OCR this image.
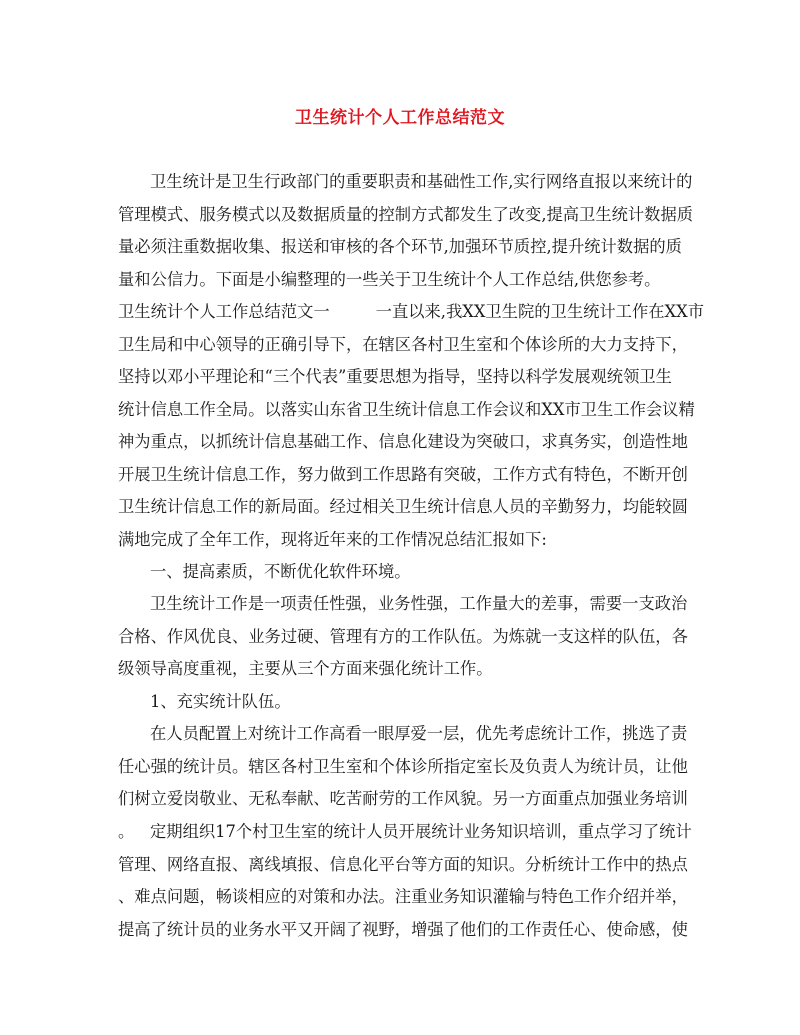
卫生统计个人工作总结范文
卫生统计是卫生行政部门的重要职责和基础性工作,实行网络直报以来统计的
管理模式、服务模式以及数据质量的控制方式都发生了改变,提高卫生统计数据质
量必须注重数据收集、报送和审核的各个环节,加强环节质控,提升统计数据的质
量和公信力。下面是小编整理的一些关于卫生统计个人工作总结,供您参考。
卫生统计个人工作总结范文一	一直以来,我XX卫生院的卫生统计工作在XX市
卫生局和中心领导的正确引导下，在辖区各村卫生室和个体诊所的大力支持下，
坚持以邓小平理论和“三个代表”重要思想为指导，坚持以科学发展观统领卫生
统计信息工作全局。以落实山东省卫生统计信息工作会议和XX市卫生工作会议精
神为重点，以抓统计信息基础工作、信息化建设为突破口，求真务实，创造性地
开展卫生统计信息工作，努力做到工作思路有突破，工作方式有特色，不断开创
卫生统计信息工作的新局面。经过相关卫生统计信息人员的辛勤努力，均能较圆
满地完成了全年工作，现将近年来的工作情况总结汇报如下:
一、提高素质，不断优化软件环境。
卫生统计工作是一项责任性强，业务性强，工作量大的差事，需要一支政治
合格、作风优良、业务过硬、管理有方的工作队伍。为炼就一支这样的队伍，各
级领导高度重视，主要从三个方面来强化统计工作。
1、充实统计队伍。
在人员配置上对统计工作高看一眼厚爱一层，优先考虑统计工作，挑选了责
任心强的统计员。辖区各村卫生室和个体诊所指定室长及负责人为统计员，让他
们树立爱岗敬业、无私奉献、吃苦耐劳的工作风貌。另一方面重点加强业务培训
。 定期组织17个村卫生室的统计人员开展统计业务知识培训，重点学习了统计
管理、网络直报、离线填报、信息化平台等方面的知识。分析统计工作中的热点
、难点问题，畅谈相应的对策和办法。注重业务知识灌输与特色工作介绍并举，
提高了统计员的业务水平又开阔了视野，增强了他们的工作责任心、使命感，使
